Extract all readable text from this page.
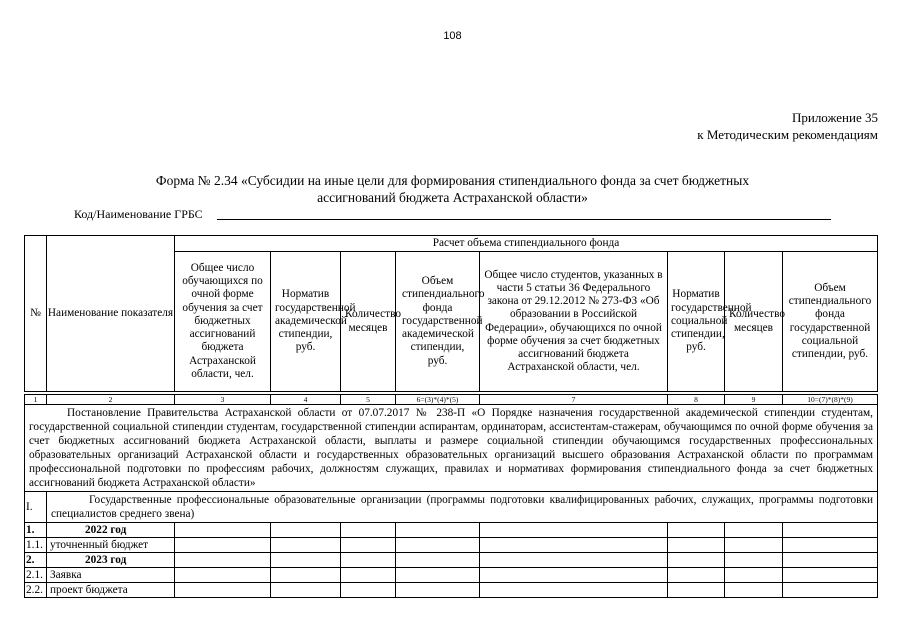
108
Приложение 35
к Методическим рекомендациям
Форма № 2.34 «Субсидии на иные цели для формирования стипендиального фонда за счет бюджетных
ассигнований бюджета Астраханской области»
Код/Наименование ГРБС
№	Наименование показателя	Расчет объема стипендиального фонда							
		Общее число обучающихся по очной форме обучения за счет бюджетных ассигнований бюджета Астраханской области, чел.	Норматив государственной академической стипендии, руб.	Количество месяцев	Объем стипендиального фонда государственной академической стипендии, руб.	Общее число студентов, указанных в части 5 статьи 36 Федерального закона от 29.12.2012 № 273-ФЗ «Об образовании в Российской Федерации», обучающихся по очной форме обучения за счет бюджетных ассигнований бюджета Астраханской области, чел.	Норматив государственной социальной стипендии, руб.	Количество месяцев	Объем стипендиального фонда государственной социальной стипендии, руб.
1	2	3	4	5	6=(3)*(4)*(5)	7	8	9	10=(7)*(8)*(9)
Постановление Правительства Астраханской области от 07.07.2017 № 238-П «О Порядке назначения государственной академической стипендии студентам, государственной социальной стипендии студентам, государственной стипендии аспирантам, ординаторам, ассистентам-стажерам, обучающимся по очной форме обучения за счет бюджетных ассигнований бюджета Астраханской области, выплаты и размере социальной стипендии обучающимся государственных профессиональных образовательных организаций Астраханской области и государственных образовательных организаций высшего образования Астраханской области по программам профессиональной подготовки по профессиям рабочих, должностям служащих, правилах и нормативах формирования стипендиального фонда за счет бюджетных ассигнований бюджета Астраханской области»									
I.	Государственные профессиональные образовательные организации (программы подготовки квалифицированных рабочих, служащих, программы подготовки специалистов среднего звена)								
1.	2022 год								
1.1.	уточненный бюджет								
2.	2023 год								
2.1.	Заявка								
2.2.	проект бюджета								
